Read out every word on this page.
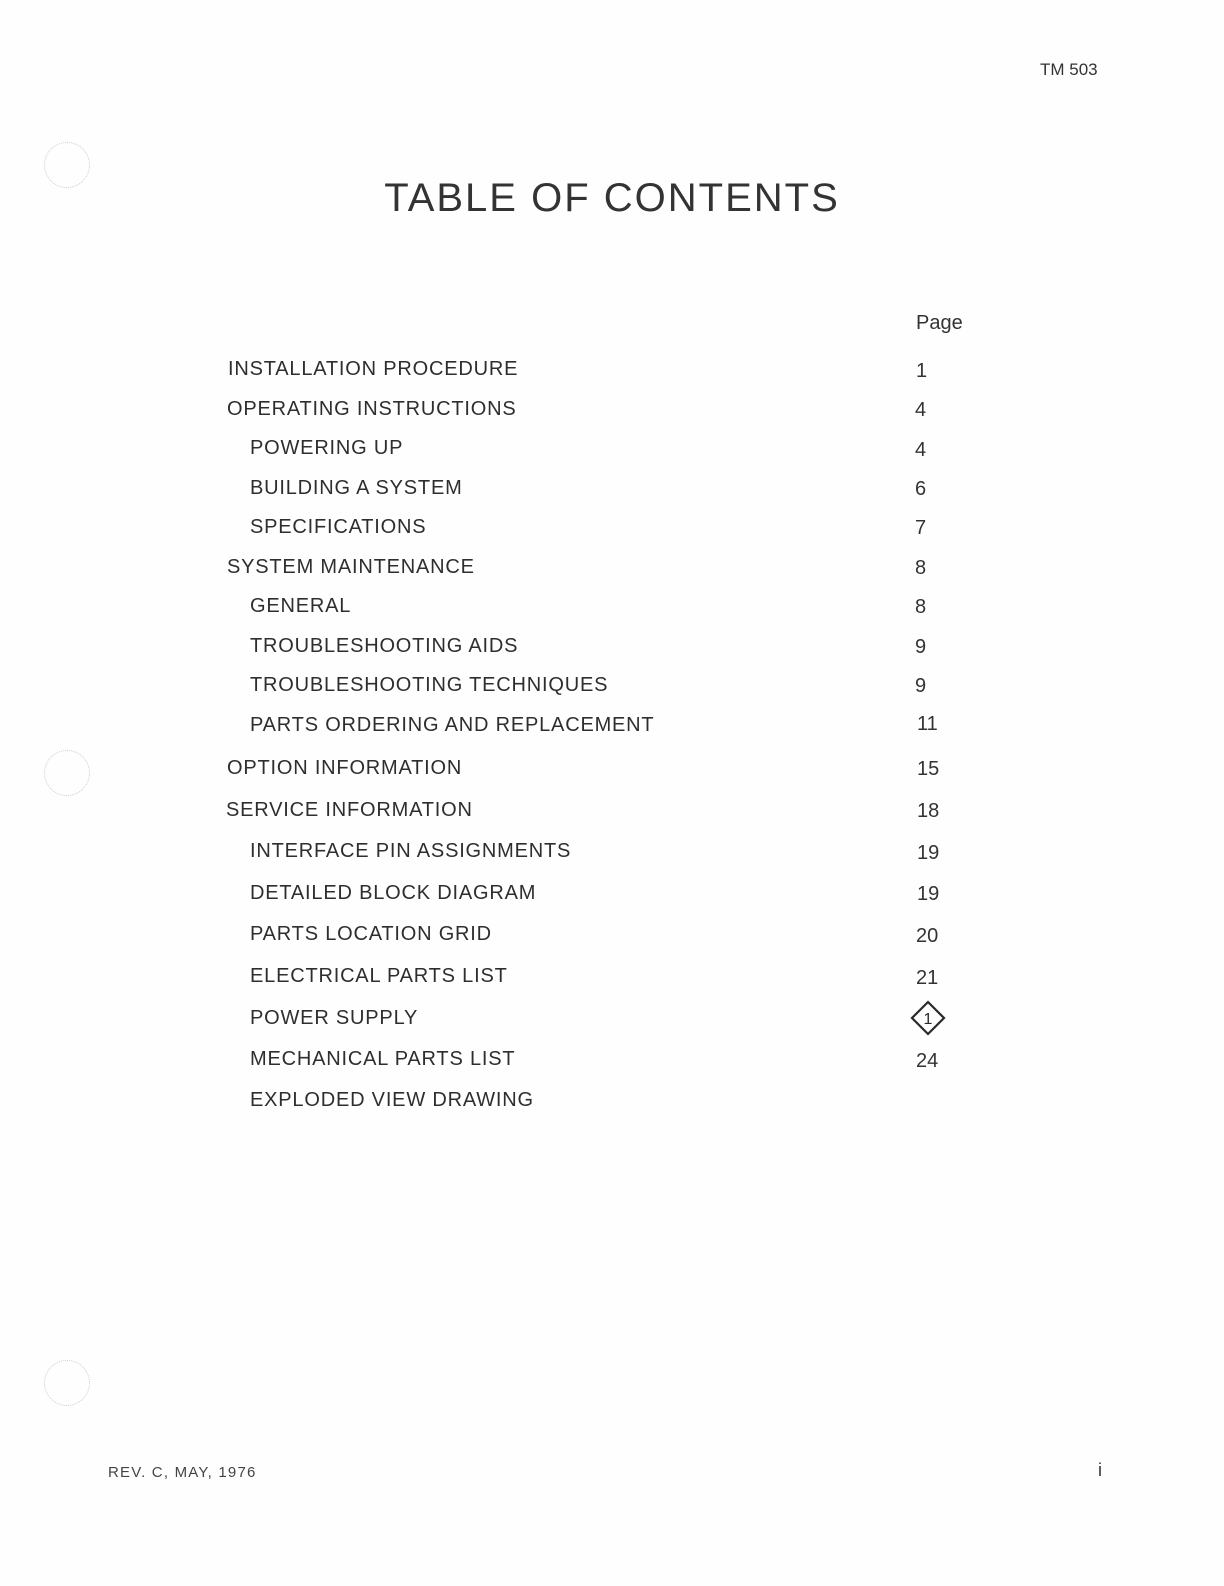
TM 503
TABLE OF CONTENTS
Page
INSTALLATION PROCEDURE	1
OPERATING INSTRUCTIONS	4
POWERING UP	4
BUILDING A SYSTEM	6
SPECIFICATIONS	7
SYSTEM MAINTENANCE	8
GENERAL	8
TROUBLESHOOTING AIDS	9
TROUBLESHOOTING TECHNIQUES	9
PARTS ORDERING AND REPLACEMENT	11
OPTION INFORMATION	15
SERVICE INFORMATION	18
INTERFACE PIN ASSIGNMENTS	19
DETAILED BLOCK DIAGRAM	19
PARTS LOCATION GRID	20
ELECTRICAL PARTS LIST	21
POWER SUPPLY	1
MECHANICAL PARTS LIST	24
EXPLODED VIEW DRAWING
REV. C, MAY, 1976	i
